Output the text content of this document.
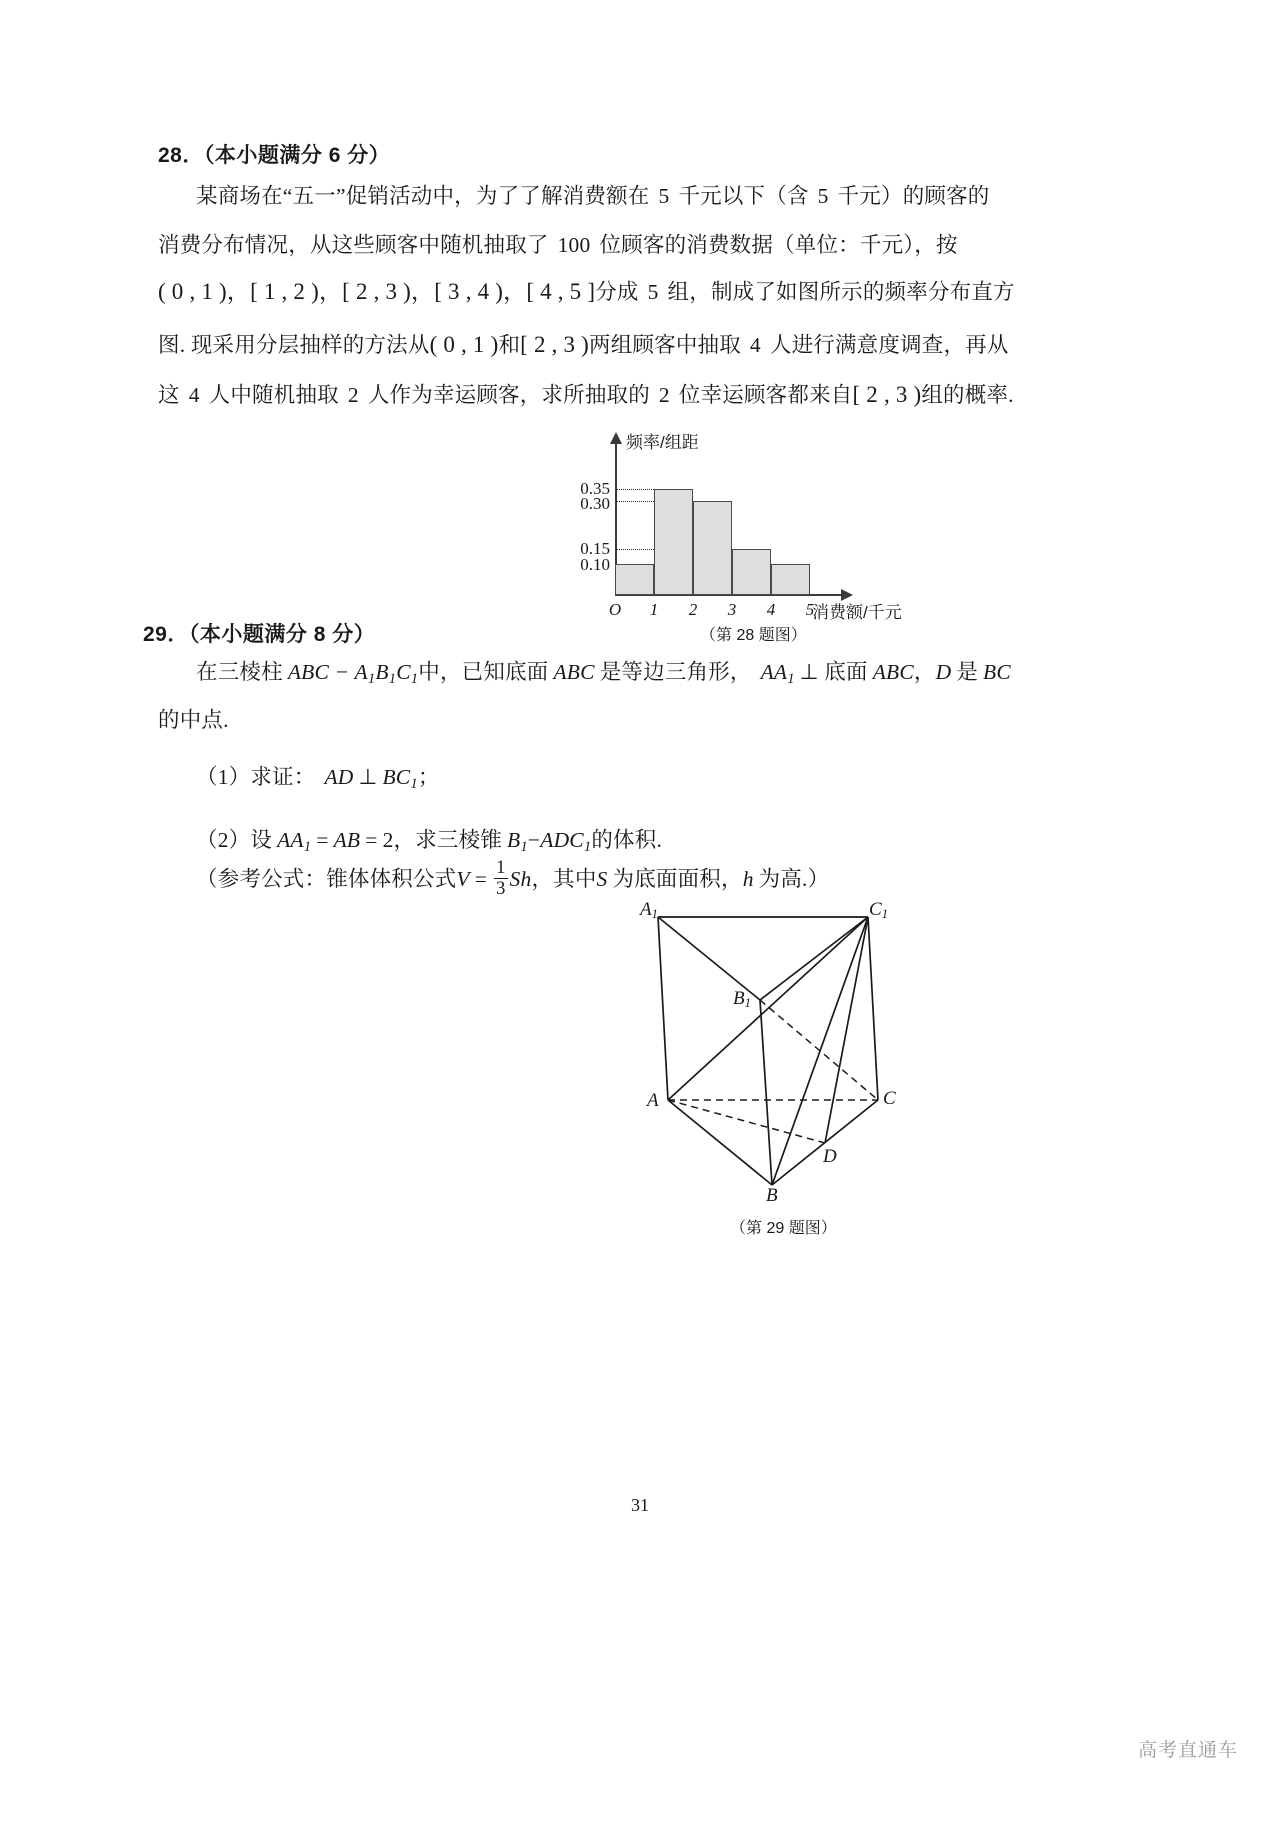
28．（本小题满分 6 分）
某商场在“五一”促销活动中，为了了解消费额在 5 千元以下（含 5 千元）的顾客的
消费分布情况，从这些顾客中随机抽取了 100 位顾客的消费数据（单位：千元），按
( 0 , 1 )，[ 1 , 2 )，[ 2 , 3 )，[ 3 , 4 )，[ 4 , 5 ]分成 5 组，制成了如图所示的频率分布直方
图. 现采用分层抽样的方法从( 0 , 1 )和[ 2 , 3 )两组顾客中抽取 4 人进行满意度调查，再从
这 4 人中随机抽取 2 人作为幸运顾客，求所抽取的 2 位幸运顾客都来自[ 2 , 3 )组的概率.
频率/组距
消费额/千元
0.35
0.30
0.15
0.10
O 1 2 3 4 5
（第 28 题图）
29．（本小题满分 8 分）
在三棱柱 ABC − $A_1B_1C_1$中，已知底面 ABC 是等边三角形， $AA_1$ ⊥ 底面 ABC，D 是 BC
的中点.
（1）求证： AD ⊥ $BC_1$；
（2）设 $AA_1$ = AB = 2，求三棱锥 $B_1-ADC_1$的体积.
（参考公式：锥体体积公式$V = \frac{1}{3}$ Sh，其中S 为底面面积，h 为高.）
A1	C1
B1
A	C
D
B
（第 29 题图）
31
高考直通车
